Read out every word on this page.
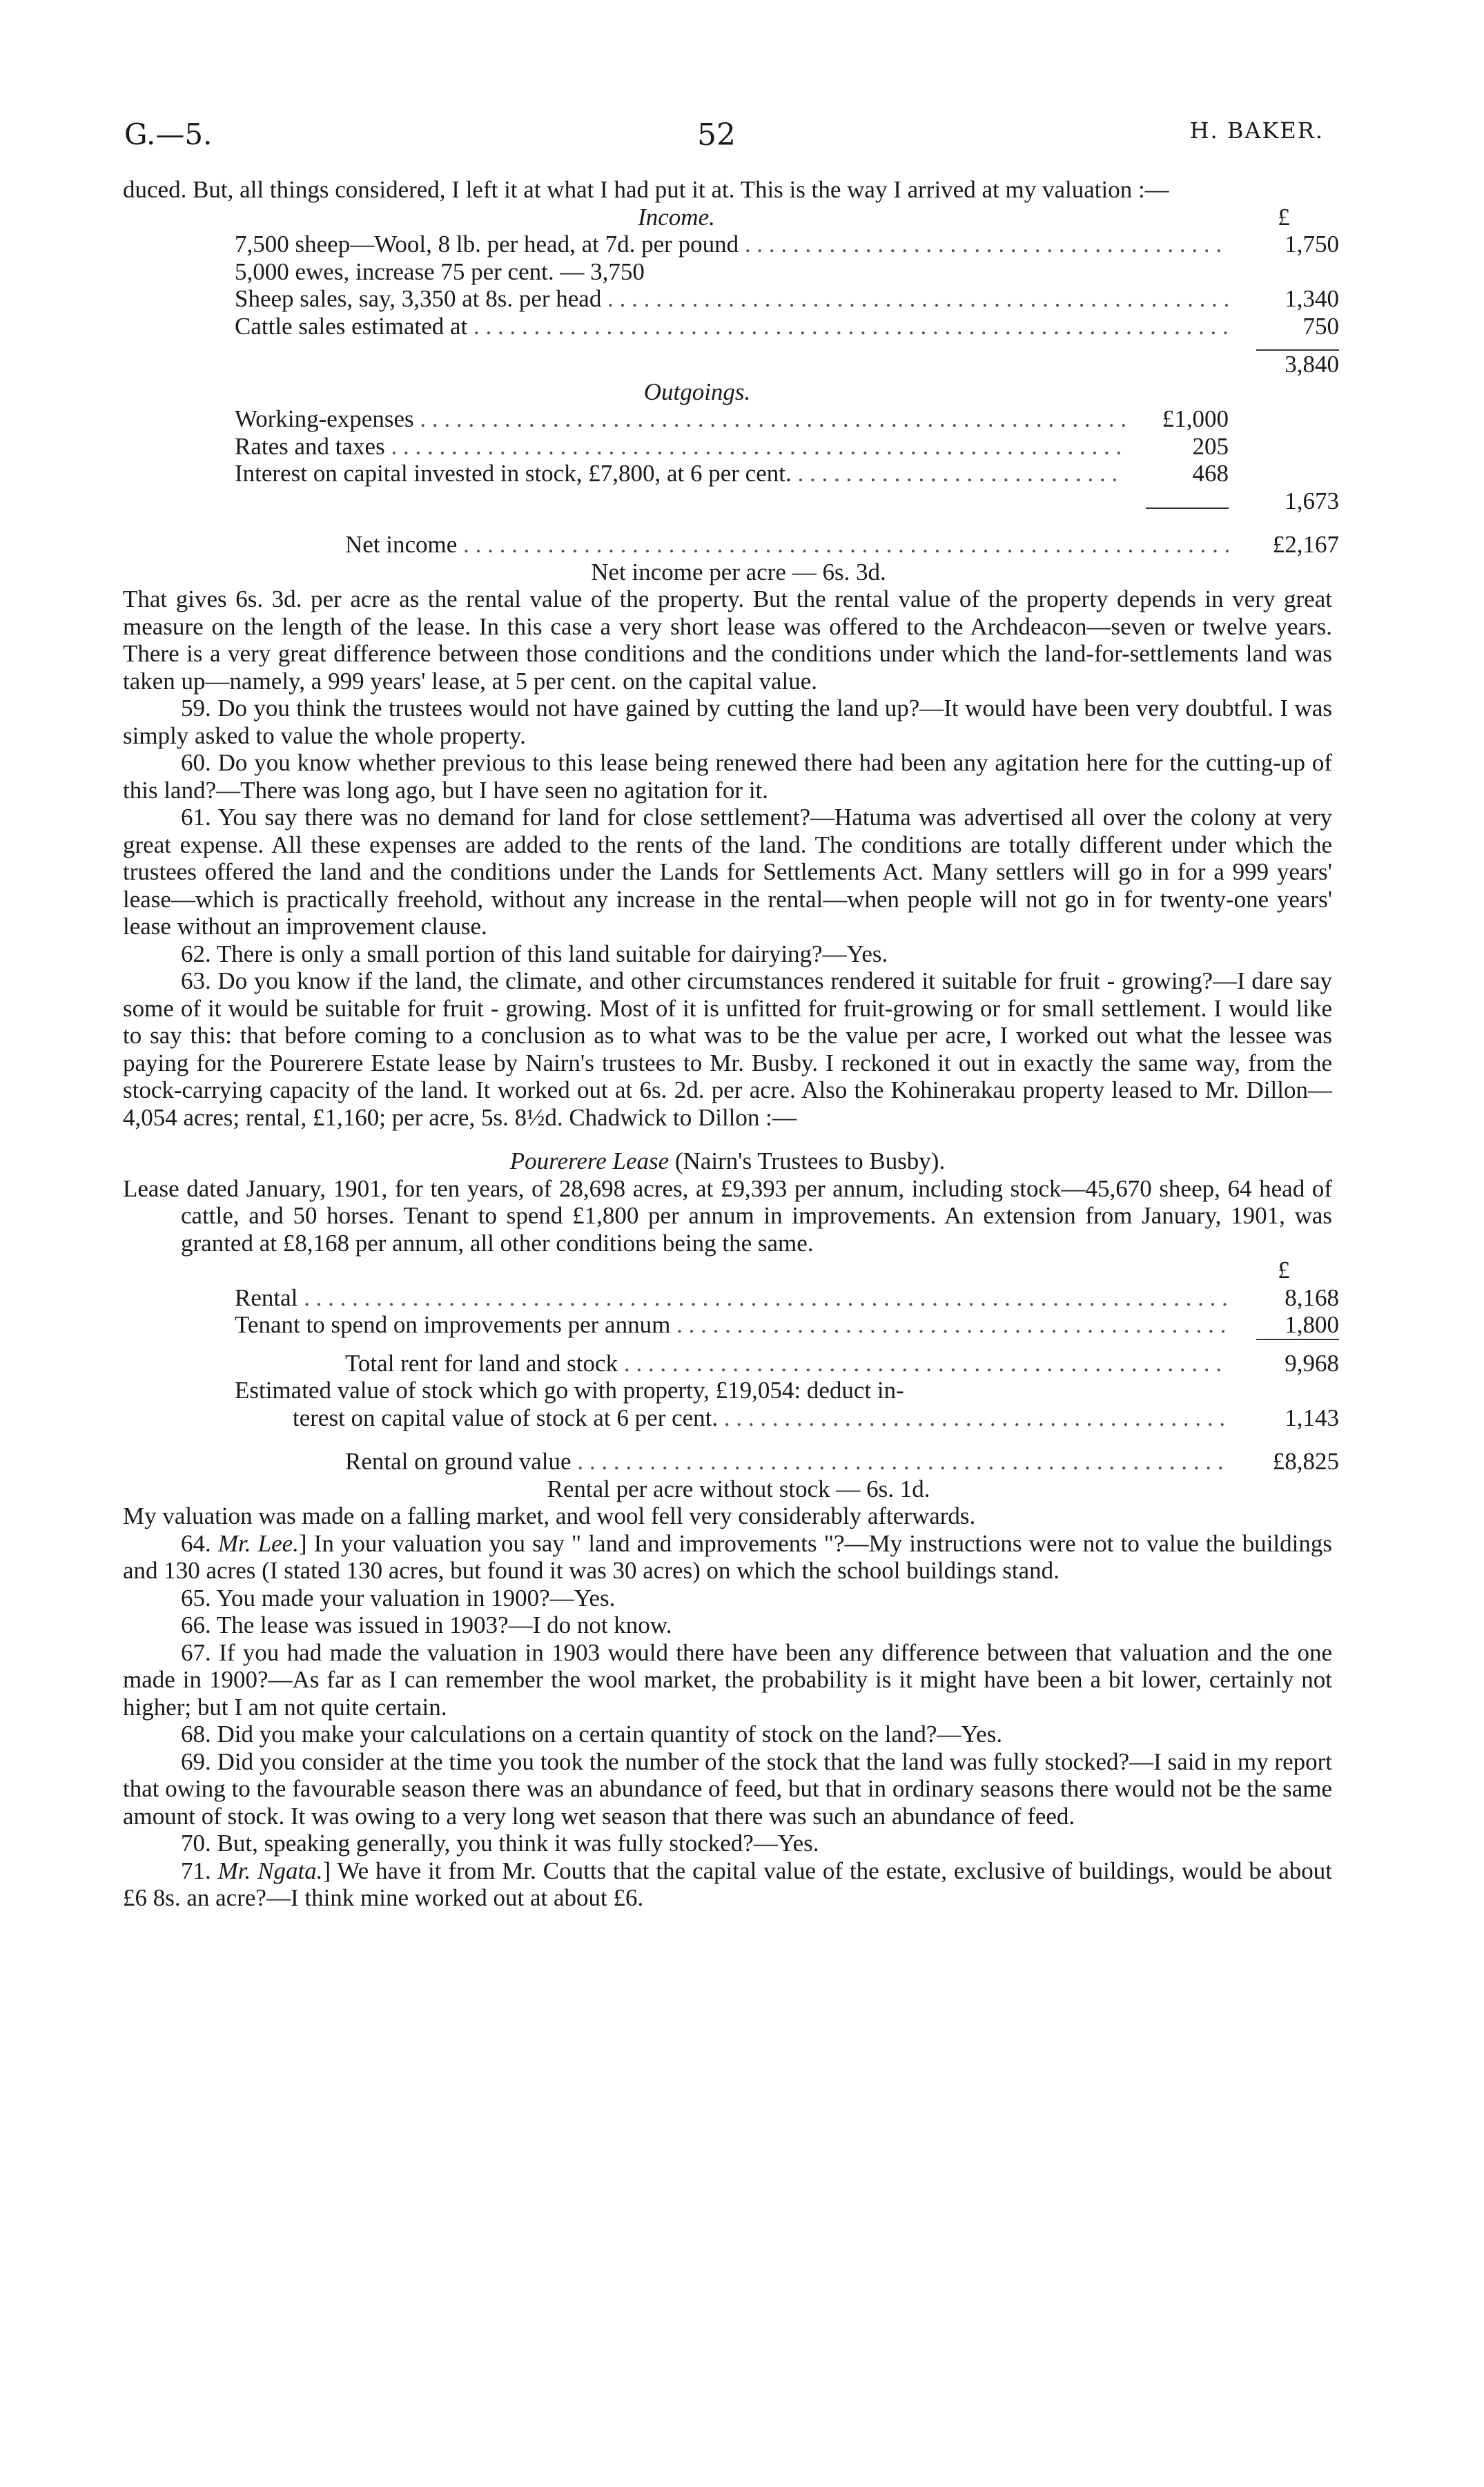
G.—5.	52	H. BAKER.

duced. But, all things considered, I left it at what I had put it at. This is the way I arrived at my valuation :—

Income.	£
7,500 sheep—Wool, 8 lb. per head, at 7d. per pound . . .	1,750
5,000 ewes, increase 75 per cent. — 3,750
Sheep sales, say, 3,350 at 8s. per head . . .	1,340
Cattle sales estimated at . . .	750
3,840
Outgoings.
Working-expenses . . .	£1,000
Rates and taxes . . .	205
Interest on capital invested in stock, £7,800, at 6 per cent. . . .	468
1,673
Net income . . .	£2,167
Net income per acre — 6s. 3d.

That gives 6s. 3d. per acre as the rental value of the property. But the rental value of the property depends in very great measure on the length of the lease. In this case a very short lease was offered to the Archdeacon—seven or twelve years. There is a very great difference between those conditions and the conditions under which the land-for-settlements land was taken up—namely, a 999 years' lease, at 5 per cent. on the capital value.

59. Do you think the trustees would not have gained by cutting the land up?—It would have been very doubtful. I was simply asked to value the whole property.

60. Do you know whether previous to this lease being renewed there had been any agitation here for the cutting-up of this land?—There was long ago, but I have seen no agitation for it.

61. You say there was no demand for land for close settlement?—Hatuma was advertised all over the colony at very great expense. All these expenses are added to the rents of the land. The conditions are totally different under which the trustees offered the land and the conditions under the Lands for Settlements Act. Many settlers will go in for a 999 years' lease—which is practically freehold, without any increase in the rental—when people will not go in for twenty-one years' lease without an improvement clause.

62. There is only a small portion of this land suitable for dairying?—Yes.

63. Do you know if the land, the climate, and other circumstances rendered it suitable for fruit - growing?—I dare say some of it would be suitable for fruit - growing. Most of it is unfitted for fruit-growing or for small settlement. I would like to say this: that before coming to a conclusion as to what was to be the value per acre, I worked out what the lessee was paying for the Pourerere Estate lease by Nairn's trustees to Mr. Busby. I reckoned it out in exactly the same way, from the stock-carrying capacity of the land. It worked out at 6s. 2d. per acre. Also the Kohinerakau property leased to Mr. Dillon—4,054 acres; rental, £1,160; per acre, 5s. 8½d. Chadwick to Dillon :—

Pourerere Lease (Nairn's Trustees to Busby).

Lease dated January, 1901, for ten years, of 28,698 acres, at £9,393 per annum, including stock—45,670 sheep, 64 head of cattle, and 50 horses. Tenant to spend £1,800 per annum in improvements. An extension from January, 1901, was granted at £8,168 per annum, all other conditions being the same.

£
Rental . . .	8,168
Tenant to spend on improvements per annum . . .	1,800
Total rent for land and stock . . .	9,968
Estimated value of stock which go with property, £19,054: deduct in-
terest on capital value of stock at 6 per cent. . . .	1,143
Rental on ground value . . .	£8,825
Rental per acre without stock — 6s. 1d.

My valuation was made on a falling market, and wool fell very considerably afterwards.

64. Mr. Lee.] In your valuation you say " land and improvements "?—My instructions were not to value the buildings and 130 acres (I stated 130 acres, but found it was 30 acres) on which the school buildings stand.

65. You made your valuation in 1900?—Yes.

66. The lease was issued in 1903?—I do not know.

67. If you had made the valuation in 1903 would there have been any difference between that valuation and the one made in 1900?—As far as I can remember the wool market, the probability is it might have been a bit lower, certainly not higher; but I am not quite certain.

68. Did you make your calculations on a certain quantity of stock on the land?—Yes.

69. Did you consider at the time you took the number of the stock that the land was fully stocked?—I said in my report that owing to the favourable season there was an abundance of feed, but that in ordinary seasons there would not be the same amount of stock. It was owing to a very long wet season that there was such an abundance of feed.

70. But, speaking generally, you think it was fully stocked?—Yes.

71. Mr. Ngata.] We have it from Mr. Coutts that the capital value of the estate, exclusive of buildings, would be about £6 8s. an acre?—I think mine worked out at about £6.
